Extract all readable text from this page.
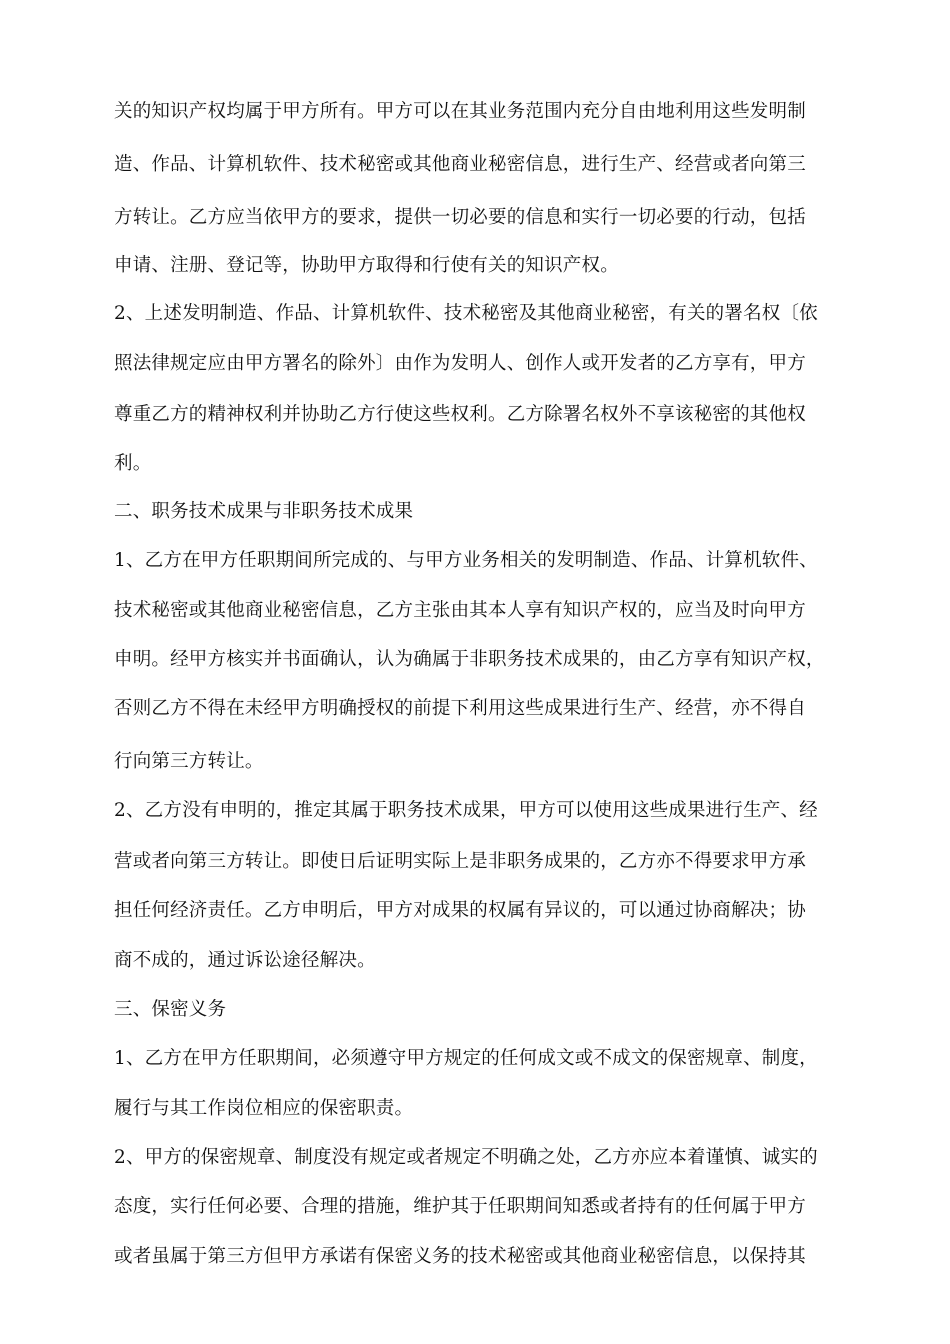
关的知识产权均属于甲方所有。甲方可以在其业务范围内充分自由地利用这些发明制
造、作品、计算机软件、技术秘密或其他商业秘密信息，进行生产、经营或者向第三
方转让。乙方应当依甲方的要求，提供一切必要的信息和实行一切必要的行动，包括
申请、注册、登记等，协助甲方取得和行使有关的知识产权。
2、上述发明制造、作品、计算机软件、技术秘密及其他商业秘密，有关的署名权〔依
照法律规定应由甲方署名的除外〕由作为发明人、创作人或开发者的乙方享有，甲方
尊重乙方的精神权利并协助乙方行使这些权利。乙方除署名权外不享该秘密的其他权
利。
二、职务技术成果与非职务技术成果
1、乙方在甲方任职期间所完成的、与甲方业务相关的发明制造、作品、计算机软件、
技术秘密或其他商业秘密信息，乙方主张由其本人享有知识产权的，应当及时向甲方
申明。经甲方核实并书面确认，认为确属于非职务技术成果的，由乙方享有知识产权，
否则乙方不得在未经甲方明确授权的前提下利用这些成果进行生产、经营，亦不得自
行向第三方转让。
2、乙方没有申明的，推定其属于职务技术成果，甲方可以使用这些成果进行生产、经
营或者向第三方转让。即使日后证明实际上是非职务成果的，乙方亦不得要求甲方承
担任何经济责任。乙方申明后，甲方对成果的权属有异议的，可以通过协商解决；协
商不成的，通过诉讼途径解决。
三、保密义务
1、乙方在甲方任职期间，必须遵守甲方规定的任何成文或不成文的保密规章、制度，
履行与其工作岗位相应的保密职责。
2、甲方的保密规章、制度没有规定或者规定不明确之处，乙方亦应本着谨慎、诚实的
态度，实行任何必要、合理的措施，维护其于任职期间知悉或者持有的任何属于甲方
或者虽属于第三方但甲方承诺有保密义务的技术秘密或其他商业秘密信息，以保持其
